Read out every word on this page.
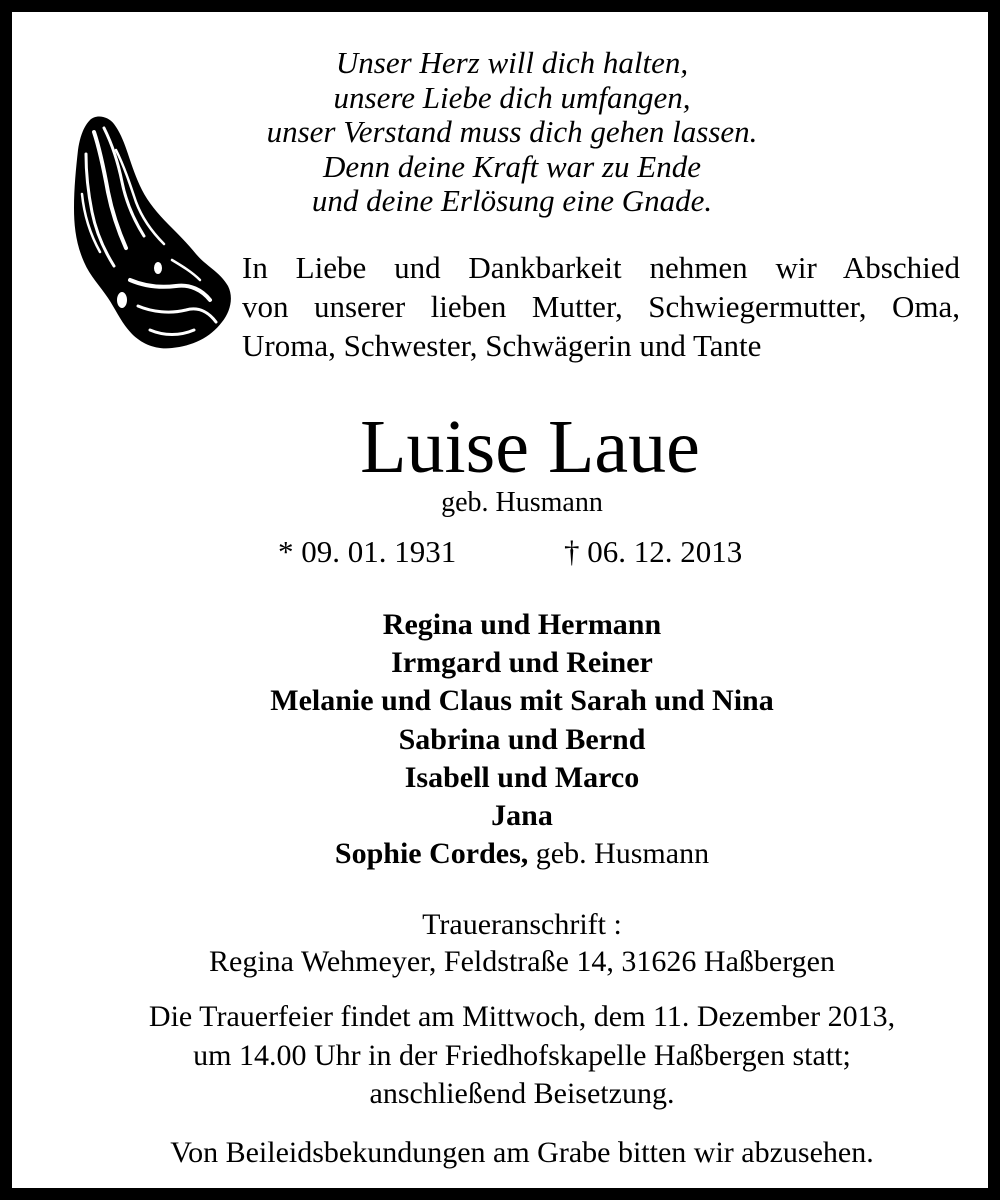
Unser Herz will dich halten,
unsere Liebe dich umfangen,
unser Verstand muss dich gehen lassen.
Denn deine Kraft war zu Ende
und deine Erlösung eine Gnade.
In Liebe und Dankbarkeit nehmen wir Abschied
von unserer lieben Mutter, Schwiegermutter, Oma,
Uroma, Schwester, Schwägerin und Tante
Luise Laue
geb. Husmann
* 09. 01. 1931	† 06. 12. 2013
Regina und Hermann
Irmgard und Reiner
Melanie und Claus mit Sarah und Nina
Sabrina und Bernd
Isabell und Marco
Jana
Sophie Cordes, geb. Husmann
Traueranschrift :
Regina Wehmeyer, Feldstraße 14, 31626 Haßbergen
Die Trauerfeier findet am Mittwoch, dem 11. Dezember 2013,
um 14.00 Uhr in der Friedhofskapelle Haßbergen statt;
anschließend Beisetzung.
Von Beileidsbekundungen am Grabe bitten wir abzusehen.
